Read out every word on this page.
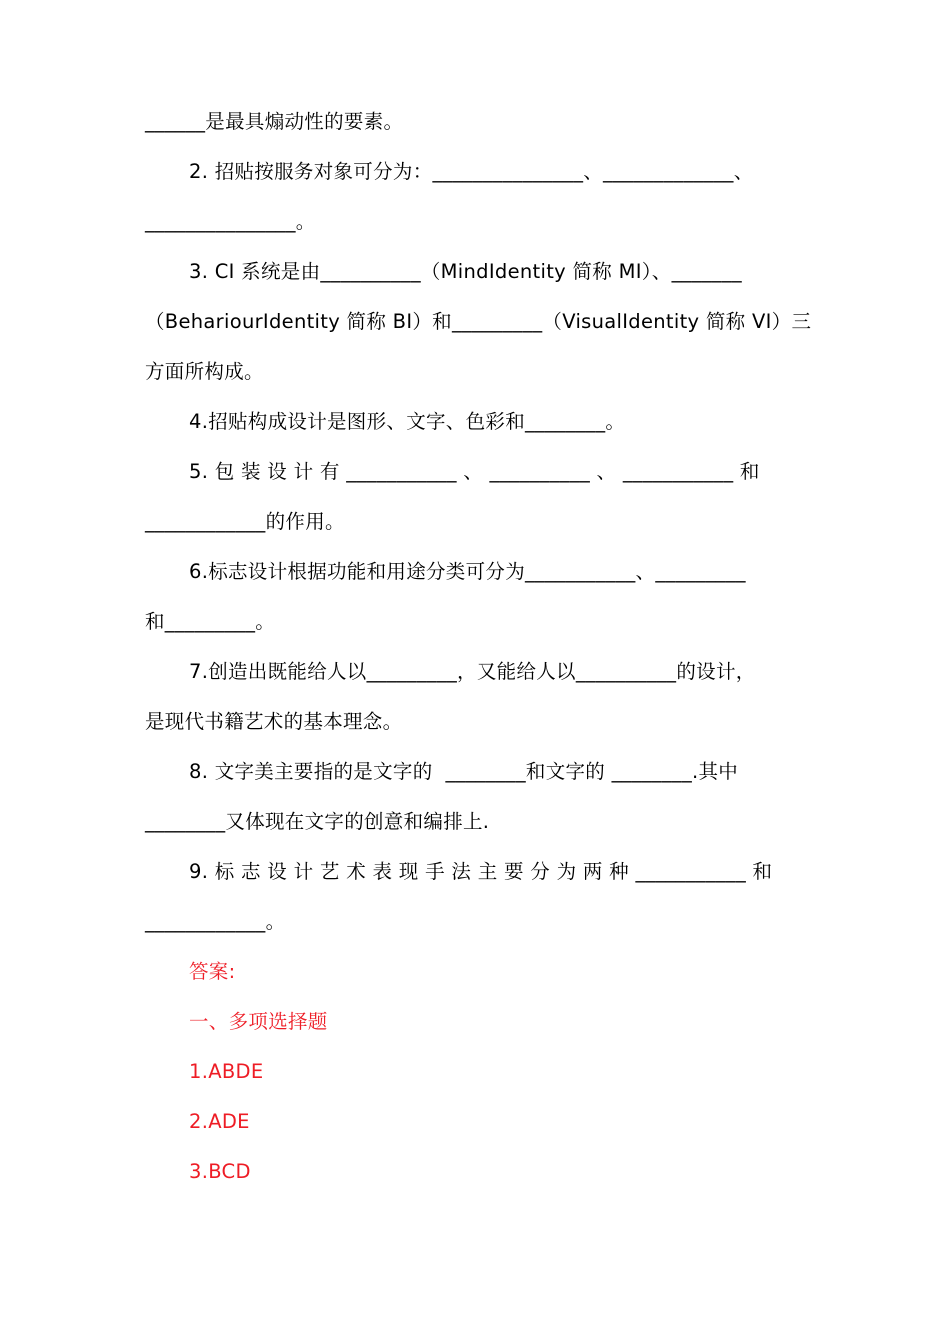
______是最具煽动性的要素。
2. 招贴按服务对象可分为：_______________、_____________、
_______________。
3. CI 系统是由__________（MindIdentity 简称 MI）、_______
（BehariourIdentity 简称 BI）和_________（VisualIdentity 简称 VI）三
方面所构成。
4.招贴构成设计是图形、文字、色彩和________。
5. 包 装 设 计 有 ___________ 、 __________ 、 ___________ 和
____________的作用。
6.标志设计根据功能和用途分类可分为___________、_________
和_________。
7.创造出既能给人以_________，又能给人以__________的设计，
是现代书籍艺术的基本理念。
8. 文字美主要指的是文字的  ________和文字的 ________.其中
________又体现在文字的创意和编排上.
9. 标 志 设 计 艺 术 表 现 手 法 主 要 分 为 两 种 ___________ 和
____________。
答案:
一、多项选择题
1.ABDE
2.ADE
3.BCD
